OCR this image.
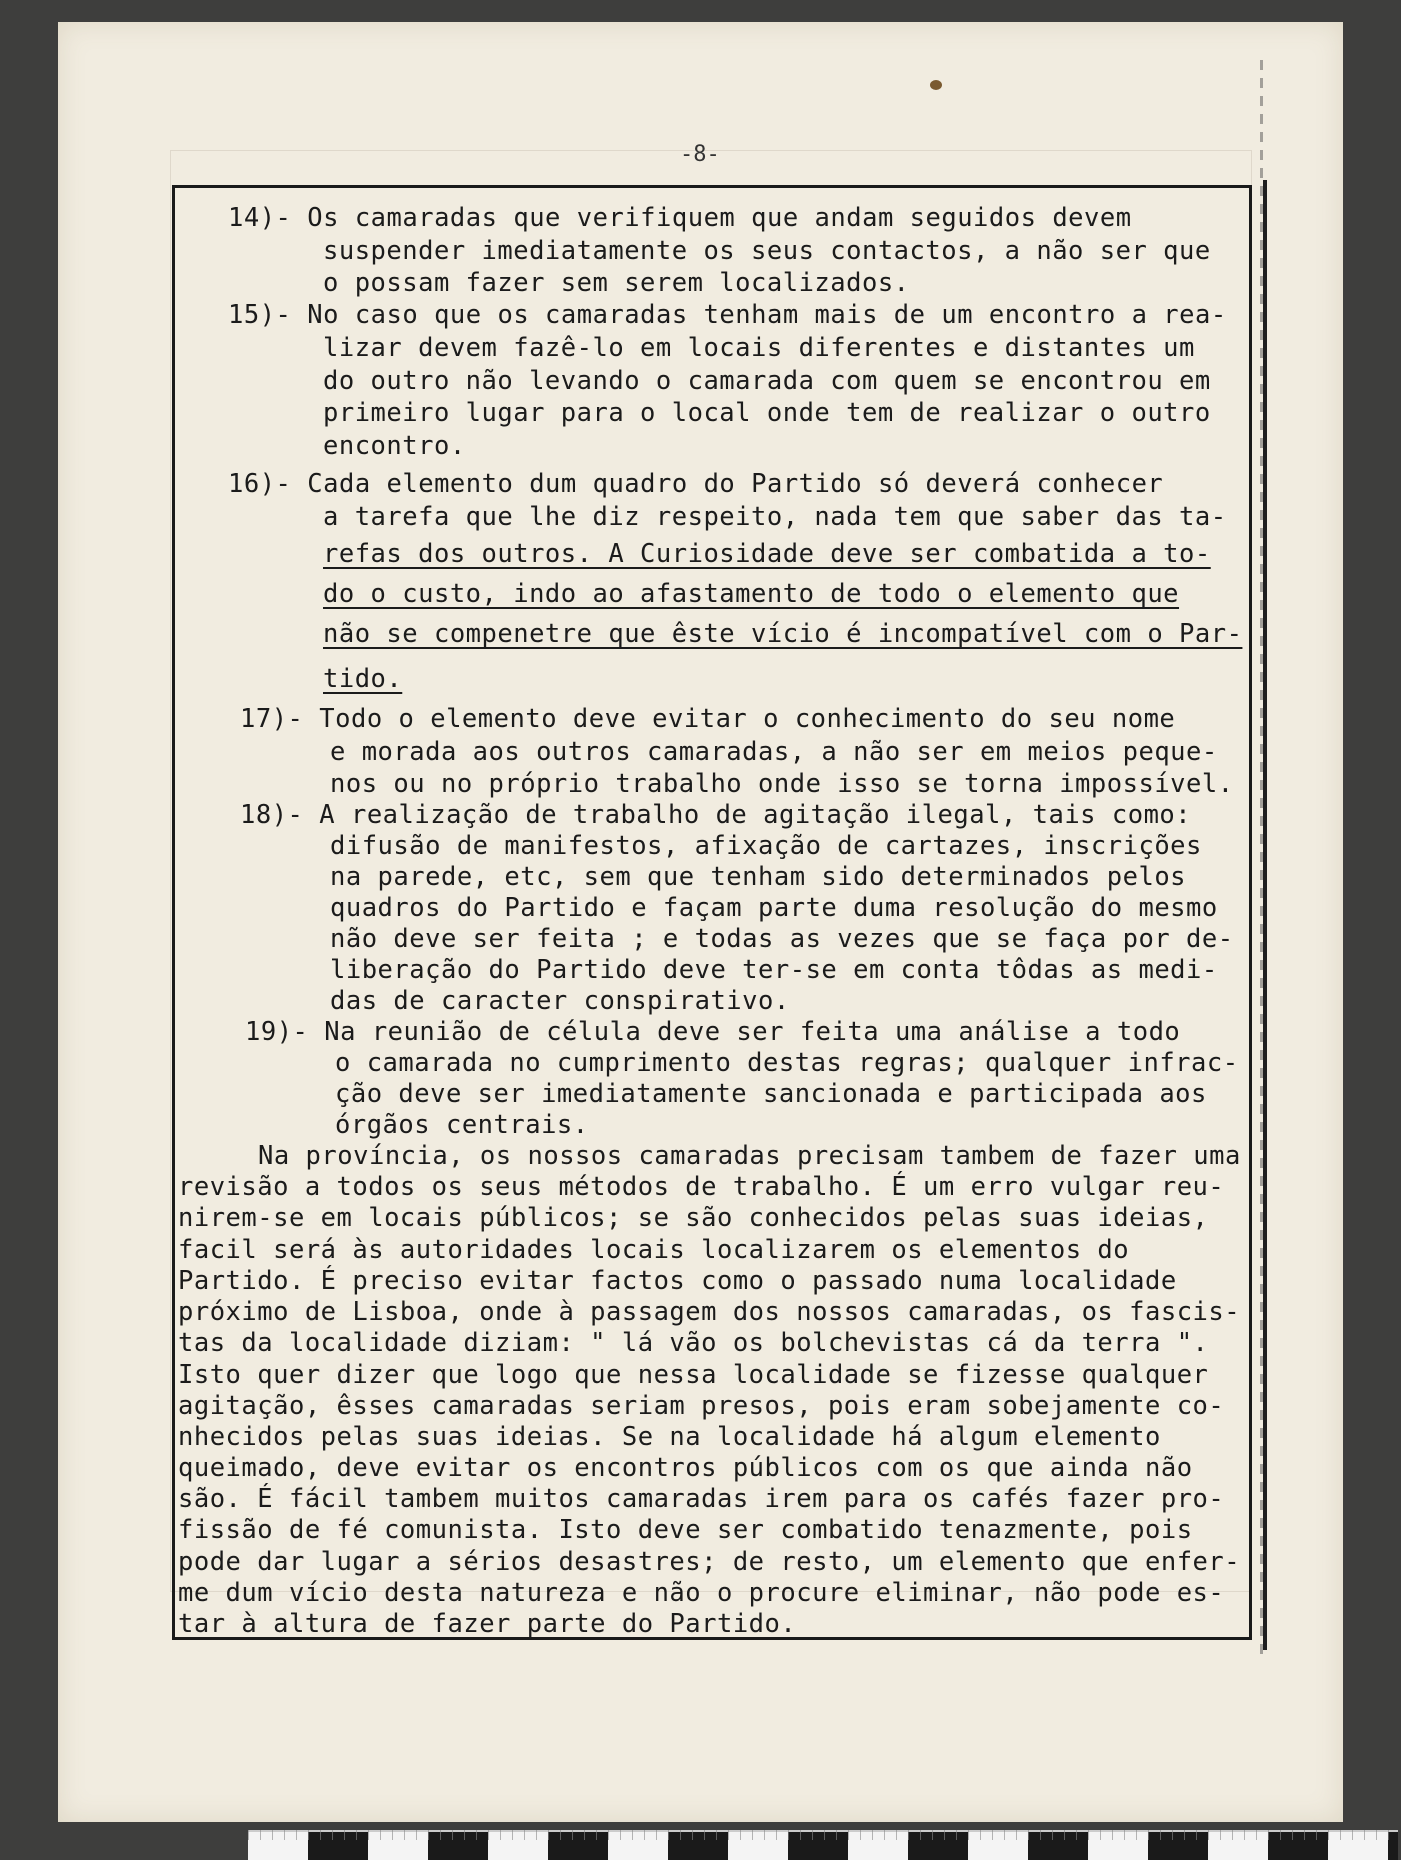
-8-
14)- Os camaradas que verifiquem que andam seguidos devem
suspender imediatamente os seus contactos, a não ser que
o possam fazer sem serem localizados.
15)- No caso que os camaradas tenham mais de um encontro a rea-
lizar devem fazê-lo em locais diferentes e distantes um
do outro não levando o camarada com quem se encontrou em
primeiro lugar para o local onde tem de realizar o outro
encontro.
16)- Cada elemento dum quadro do Partido só deverá conhecer
a tarefa que lhe diz respeito, nada tem que saber das ta-
refas dos outros. A Curiosidade deve ser combatida a to-
do o custo, indo ao afastamento de todo o elemento que
não se compenetre que êste vício é incompatível com o Par-
tido.
17)- Todo o elemento deve evitar o conhecimento do seu nome
e morada aos outros camaradas, a não ser em meios peque-
nos ou no próprio trabalho onde isso se torna impossível.
18)- A realização de trabalho de agitação ilegal, tais como:
difusão de manifestos, afixação de cartazes, inscrições
na parede, etc, sem que tenham sido determinados pelos
quadros do Partido e façam parte duma resolução do mesmo
não deve ser feita ; e todas as vezes que se faça por de-
liberação do Partido deve ter-se em conta tôdas as medi-
das de caracter conspirativo.
19)- Na reunião de célula deve ser feita uma análise a todo
o camarada no cumprimento destas regras; qualquer infrac-
ção deve ser imediatamente sancionada e participada aos
órgãos centrais.
Na província, os nossos camaradas precisam tambem de fazer uma
revisão a todos os seus métodos de trabalho. É um erro vulgar reu-
nirem-se em locais públicos; se são conhecidos pelas suas ideias,
facil será às autoridades locais localizarem os elementos do
Partido. É preciso evitar factos como o passado numa localidade
próximo de Lisboa, onde à passagem dos nossos camaradas, os fascis-
tas da localidade diziam: " lá vão os bolchevistas cá da terra ".
Isto quer dizer que logo que nessa localidade se fizesse qualquer
agitação, êsses camaradas seriam presos, pois eram sobejamente co-
nhecidos pelas suas ideias. Se na localidade há algum elemento
queimado, deve evitar os encontros públicos com os que ainda não
são. É fácil tambem muitos camaradas irem para os cafés fazer pro-
fissão de fé comunista. Isto deve ser combatido tenazmente, pois
pode dar lugar a sérios desastres; de resto, um elemento que enfer-
me dum vício desta natureza e não o procure eliminar, não pode es-
tar à altura de fazer parte do Partido.
